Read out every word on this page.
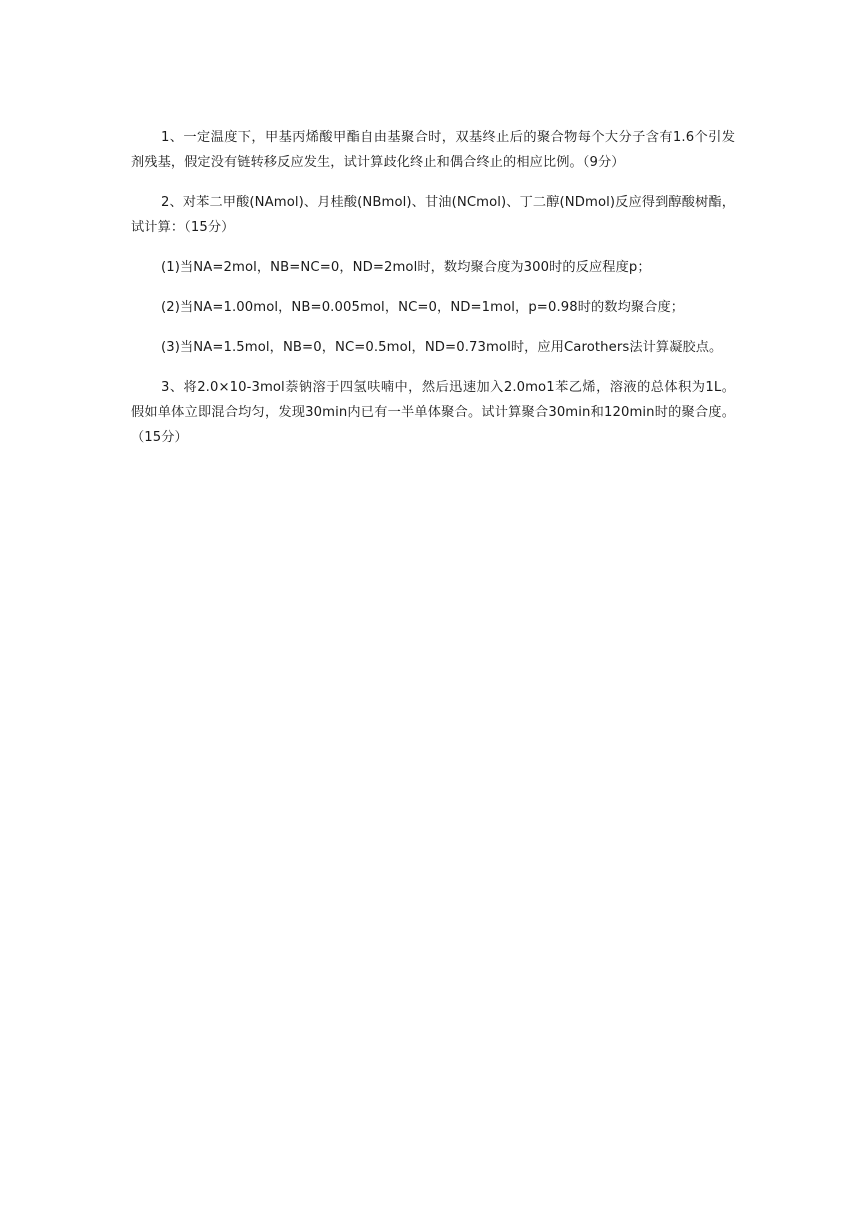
1、一定温度下，甲基丙烯酸甲酯自由基聚合时，双基终止后的聚合物每个大分子含有1.6个引发剂残基，假定没有链转移反应发生，试计算歧化终止和偶合终止的相应比例。（9分）

2、对苯二甲酸(NAmol)、月桂酸(NBmol)、甘油(NCmol)、丁二醇(NDmol)反应得到醇酸树酯，试计算：（15分）

(1)当NA=2mol，NB=NC=0，ND=2mol时，数均聚合度为300时的反应程度p；

(2)当NA=1.00mol，NB=0.005mol，NC=0，ND=1mol，p=0.98时的数均聚合度；

(3)当NA=1.5mol，NB=0，NC=0.5mol，ND=0.73mol时，应用Carothers法计算凝胶点。

3、将2.0×10-3mol萘钠溶于四氢呋喃中，然后迅速加入2.0mo1苯乙烯，溶液的总体积为1L。假如单体立即混合均匀，发现30min内已有一半单体聚合。试计算聚合30min和120min时的聚合度。（15分）
